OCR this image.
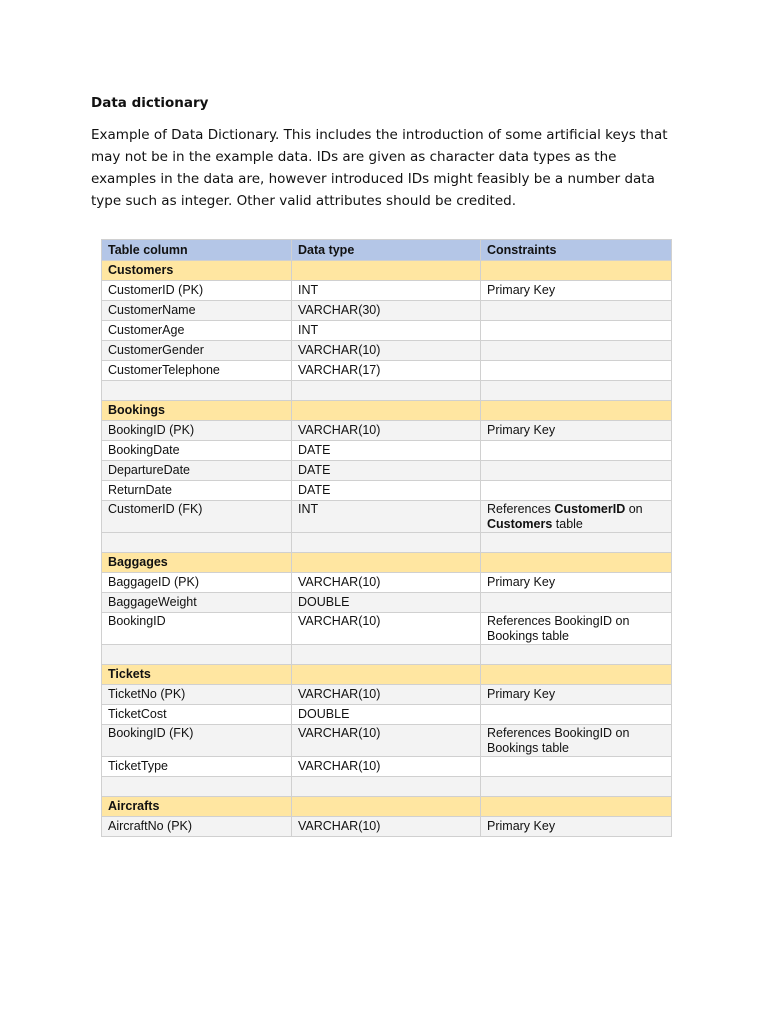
Data dictionary

Example of Data Dictionary. This includes the introduction of some artificial keys that may not be in the example data. IDs are given as character data types as the examples in the data are, however introduced IDs might feasibly be a number data type such as integer. Other valid attributes should be credited.

Table column	Data type	Constraints
Customers		
CustomerID (PK)	INT	Primary Key
CustomerName	VARCHAR(30)	
CustomerAge	INT	
CustomerGender	VARCHAR(10)	
CustomerTelephone	VARCHAR(17)	

Bookings		
BookingID (PK)	VARCHAR(10)	Primary Key
BookingDate	DATE	
DepartureDate	DATE	
ReturnDate	DATE	
CustomerID (FK)	INT	References CustomerID on Customers table

Baggages		
BaggageID (PK)	VARCHAR(10)	Primary Key
BaggageWeight	DOUBLE	
BookingID	VARCHAR(10)	References BookingID on Bookings table

Tickets		
TicketNo (PK)	VARCHAR(10)	Primary Key
TicketCost	DOUBLE	
BookingID (FK)	VARCHAR(10)	References BookingID on Bookings table
TicketType	VARCHAR(10)	

Aircrafts		
AircraftNo (PK)	VARCHAR(10)	Primary Key
